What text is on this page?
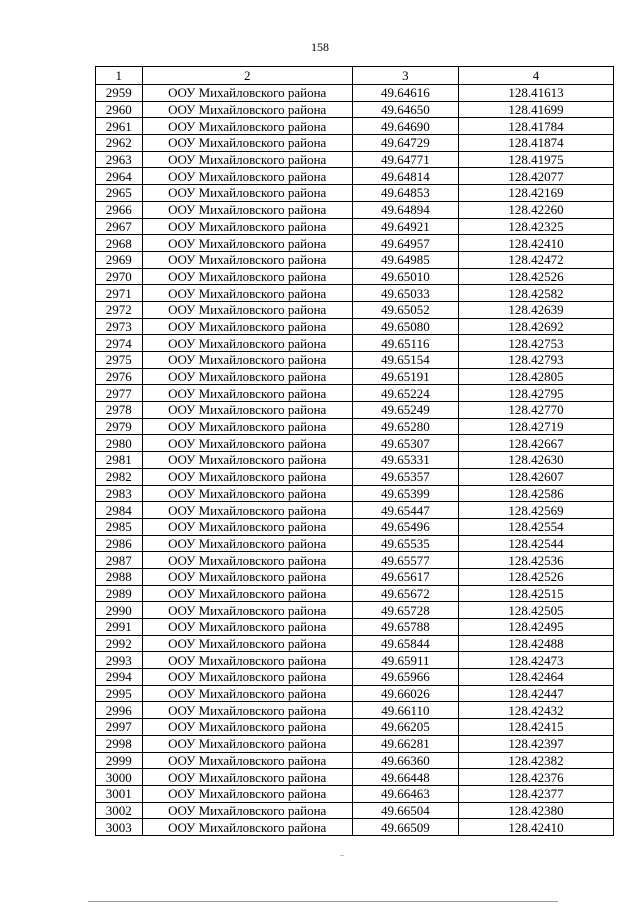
158
1	2	3	4
2959	ООУ Михайловского района	49.64616	128.41613
2960	ООУ Михайловского района	49.64650	128.41699
2961	ООУ Михайловского района	49.64690	128.41784
2962	ООУ Михайловского района	49.64729	128.41874
2963	ООУ Михайловского района	49.64771	128.41975
2964	ООУ Михайловского района	49.64814	128.42077
2965	ООУ Михайловского района	49.64853	128.42169
2966	ООУ Михайловского района	49.64894	128.42260
2967	ООУ Михайловского района	49.64921	128.42325
2968	ООУ Михайловского района	49.64957	128.42410
2969	ООУ Михайловского района	49.64985	128.42472
2970	ООУ Михайловского района	49.65010	128.42526
2971	ООУ Михайловского района	49.65033	128.42582
2972	ООУ Михайловского района	49.65052	128.42639
2973	ООУ Михайловского района	49.65080	128.42692
2974	ООУ Михайловского района	49.65116	128.42753
2975	ООУ Михайловского района	49.65154	128.42793
2976	ООУ Михайловского района	49.65191	128.42805
2977	ООУ Михайловского района	49.65224	128.42795
2978	ООУ Михайловского района	49.65249	128.42770
2979	ООУ Михайловского района	49.65280	128.42719
2980	ООУ Михайловского района	49.65307	128.42667
2981	ООУ Михайловского района	49.65331	128.42630
2982	ООУ Михайловского района	49.65357	128.42607
2983	ООУ Михайловского района	49.65399	128.42586
2984	ООУ Михайловского района	49.65447	128.42569
2985	ООУ Михайловского района	49.65496	128.42554
2986	ООУ Михайловского района	49.65535	128.42544
2987	ООУ Михайловского района	49.65577	128.42536
2988	ООУ Михайловского района	49.65617	128.42526
2989	ООУ Михайловского района	49.65672	128.42515
2990	ООУ Михайловского района	49.65728	128.42505
2991	ООУ Михайловского района	49.65788	128.42495
2992	ООУ Михайловского района	49.65844	128.42488
2993	ООУ Михайловского района	49.65911	128.42473
2994	ООУ Михайловского района	49.65966	128.42464
2995	ООУ Михайловского района	49.66026	128.42447
2996	ООУ Михайловского района	49.66110	128.42432
2997	ООУ Михайловского района	49.66205	128.42415
2998	ООУ Михайловского района	49.66281	128.42397
2999	ООУ Михайловского района	49.66360	128.42382
3000	ООУ Михайловского района	49.66448	128.42376
3001	ООУ Михайловского района	49.66463	128.42377
3002	ООУ Михайловского района	49.66504	128.42380
3003	ООУ Михайловского района	49.66509	128.42410
